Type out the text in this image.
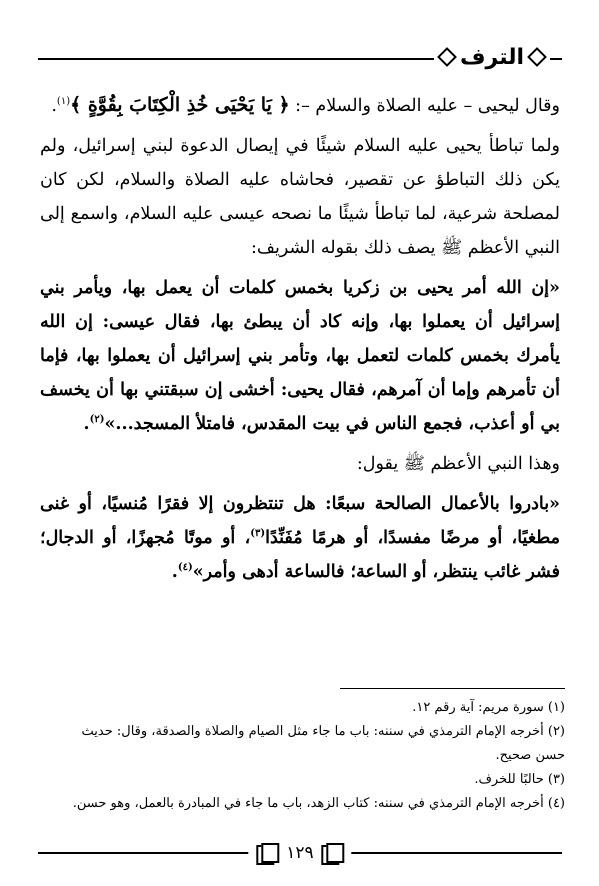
الترف

وقال ليحيى – عليه الصلاة والسلام –: ﴿ يَا يَحْيَى خُذِ الْكِتَابَ بِقُوَّةٍ ﴾$^{(١)}$.

ولما تباطأ يحيى عليه السلام شيئًا في إيصال الدعوة لبني إسرائيل، ولم يكن ذلك التباطؤ عن تقصير، فحاشاه عليه الصلاة والسلام، لكن كان لمصلحة شرعية، لما تباطأ شيئًا ما نصحه عيسى عليه السلام، واسمع إلى النبي الأعظم ﷺ يصف ذلك بقوله الشريف:

«إن الله أمر يحيى بن زكريا بخمس كلمات أن يعمل بها، ويأمر بني إسرائيل أن يعملوا بها، وإنه كاد أن يبطئ بها، فقال عيسى: إن الله يأمرك بخمس كلمات لتعمل بها، وتأمر بني إسرائيل أن يعملوا بها، فإما أن تأمرهم وإما أن آمرهم، فقال يحيى: أخشى إن سبقتني بها أن يخسف بي أو أعذب، فجمع الناس في بيت المقدس، فامتلأ المسجد...»$^{(٢)}$.

وهذا النبي الأعظم ﷺ يقول:

«بادروا بالأعمال الصالحة سبعًا: هل تنتظرون إلا فقرًا مُنسيًا، أو غنى مطغيًا، أو مرضًا مفسدًا، أو هرمًا مُفَنِّدًا$^{(٣)}$، أو موتًا مُجهزًا، أو الدجال؛ فشر غائب ينتظر، أو الساعة؛ فالساعة أدهى وأمر»$^{(٤)}$.

(١) سورة مريم: آية رقم ١٢.

(٢) أخرجه الإمام الترمذي في سننه: باب ما جاء مثل الصيام والصلاة والصدقة، وقال: حديث حسن صحيح.

(٣) حالبًا للخرف.

(٤) أخرجه الإمام الترمذي في سننه: كتاب الزهد، باب ما جاء في المبادرة بالعمل، وهو حسن.

١٢٩
